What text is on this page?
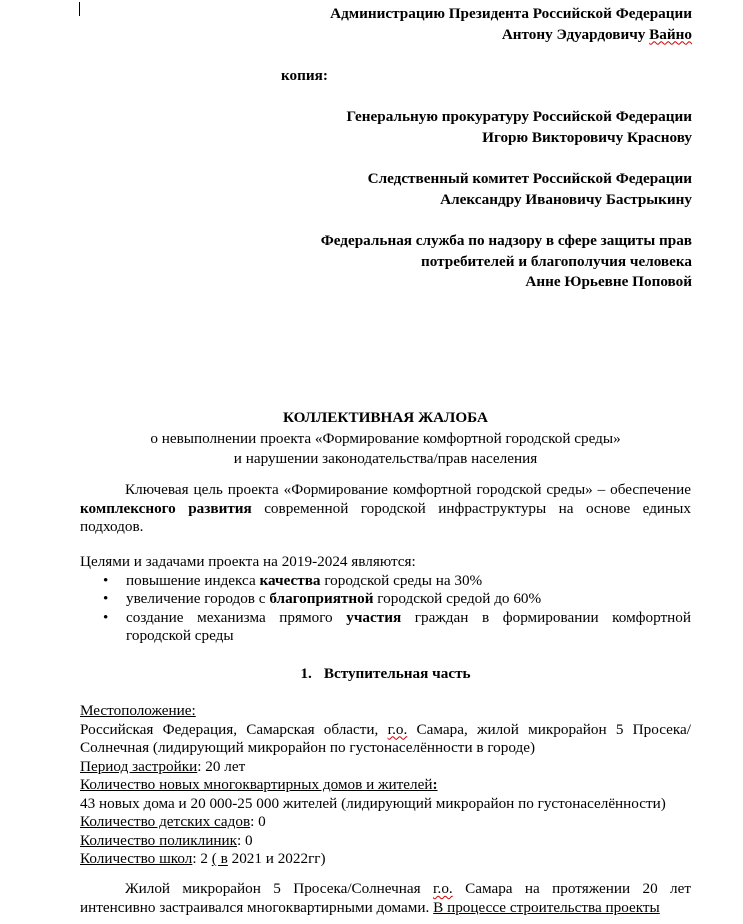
Администрацию Президента Российской Федерации
Антону Эдуардовичу Вайно
копия:
Генеральную прокуратуру Российской Федерации
Игорю Викторовичу Краснову
Следственный комитет Российской Федерации
Александру Ивановичу Бастрыкину
Федеральная служба по надзору в сфере защиты прав
потребителей и благополучия человека
Анне Юрьевне Поповой
КОЛЛЕКТИВНАЯ ЖАЛОБА
о невыполнении проекта «Формирование комфортной городской среды»
и нарушении законодательства/прав населения
Ключевая цель проекта «Формирование комфортной городской среды» – обеспечение комплексного развития современной городской инфраструктуры на основе единых подходов.
Целями и задачами проекта на 2019-2024 являются:
• повышение индекса качества городской среды на 30%
• увеличение городов с благоприятной городской средой до 60%
• создание механизма прямого участия граждан в формировании комфортной городской среды
1. Вступительная часть
Местоположение:
Российская Федерация, Самарская области, г.о. Самара, жилой микрорайон 5 Просека/Солнечная (лидирующий микрорайон по густонаселённости в городе)
Период застройки: 20 лет
Количество новых многоквартирных домов и жителей:
43 новых дома и 20 000-25 000 жителей (лидирующий микрорайон по густонаселённости)
Количество детских садов: 0
Количество поликлиник: 0
Количество школ: 2 ( в 2021 и 2022гг)
Жилой микрорайон 5 Просека/Солнечная г.о. Самара на протяжении 20 лет интенсивно застраивался многоквартирными домами. В процессе строительства проекты
